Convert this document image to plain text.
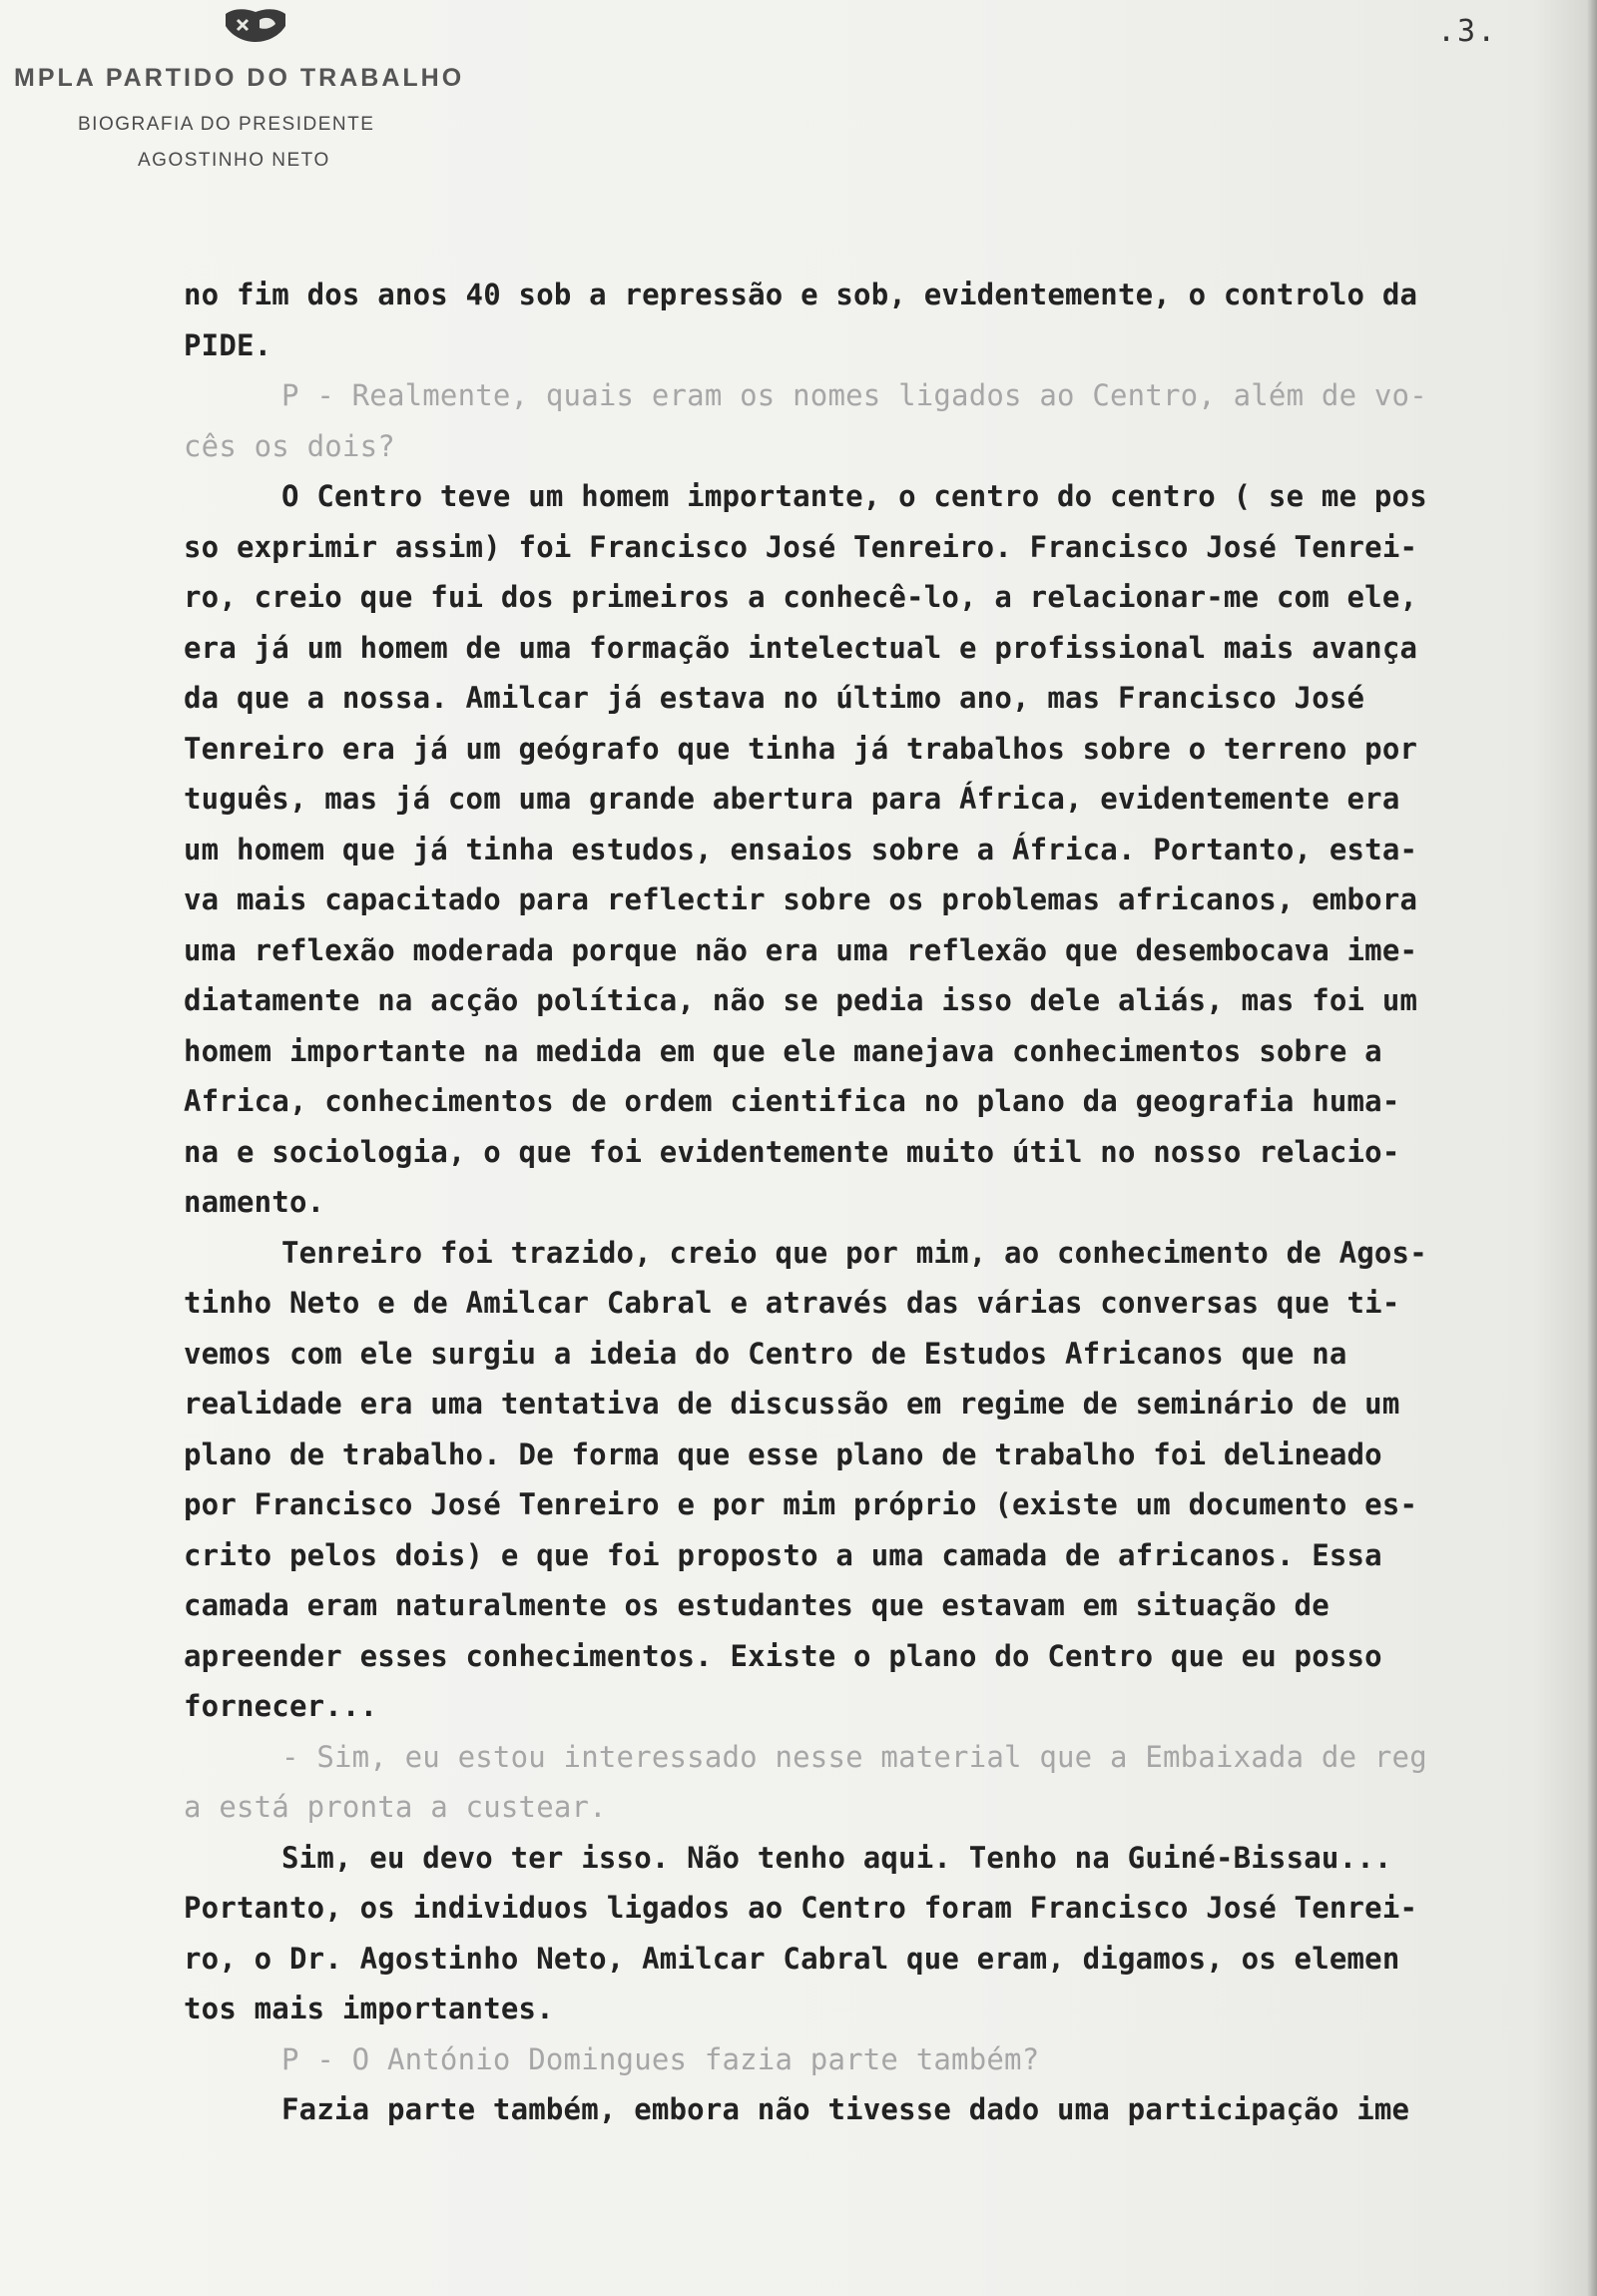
MPLA PARTIDO DO TRABALHO
BIOGRAFIA DO PRESIDENTE
AGOSTINHO NETO
.3.
no fim dos anos 40 sob a repressão e sob, evidentemente, o controlo da
PIDE.
P - Realmente, quais eram os nomes ligados ao Centro, além de vo-
cês os dois?
O Centro teve um homem importante, o centro do centro ( se me pos
so exprimir assim) foi Francisco José Tenreiro. Francisco José Tenrei-
ro, creio que fui dos primeiros a conhecê-lo, a relacionar-me com ele,
era já um homem de uma formação intelectual e profissional mais avança
da que a nossa. Amilcar já estava no último ano, mas Francisco José
Tenreiro era já um geógrafo que tinha já trabalhos sobre o terreno por
tuguês, mas já com uma grande abertura para África, evidentemente era
um homem que já tinha estudos, ensaios sobre a África. Portanto, esta-
va mais capacitado para reflectir sobre os problemas africanos, embora
uma reflexão moderada porque não era uma reflexão que desembocava ime-
diatamente na acção política, não se pedia isso dele aliás, mas foi um
homem importante na medida em que ele manejava conhecimentos sobre a
Africa, conhecimentos de ordem cientifica no plano da geografia huma-
na e sociologia, o que foi evidentemente muito útil no nosso relacio-
namento.
Tenreiro foi trazido, creio que por mim, ao conhecimento de Agos-
tinho Neto e de Amilcar Cabral e através das várias conversas que ti-
vemos com ele surgiu a ideia do Centro de Estudos Africanos que na
realidade era uma tentativa de discussão em regime de seminário de um
plano de trabalho. De forma que esse plano de trabalho foi delineado
por Francisco José Tenreiro e por mim próprio (existe um documento es-
crito pelos dois) e que foi proposto a uma camada de africanos. Essa
camada eram naturalmente os estudantes que estavam em situação de
apreender esses conhecimentos. Existe o plano do Centro que eu posso
fornecer...
- Sim, eu estou interessado nesse material que a Embaixada de reg
a está pronta a custear.
Sim, eu devo ter isso. Não tenho aqui. Tenho na Guiné-Bissau...
Portanto, os individuos ligados ao Centro foram Francisco José Tenrei-
ro, o Dr. Agostinho Neto, Amilcar Cabral que eram, digamos, os elemen
tos mais importantes.
P - O António Domingues fazia parte também?
Fazia parte também, embora não tivesse dado uma participação ime
